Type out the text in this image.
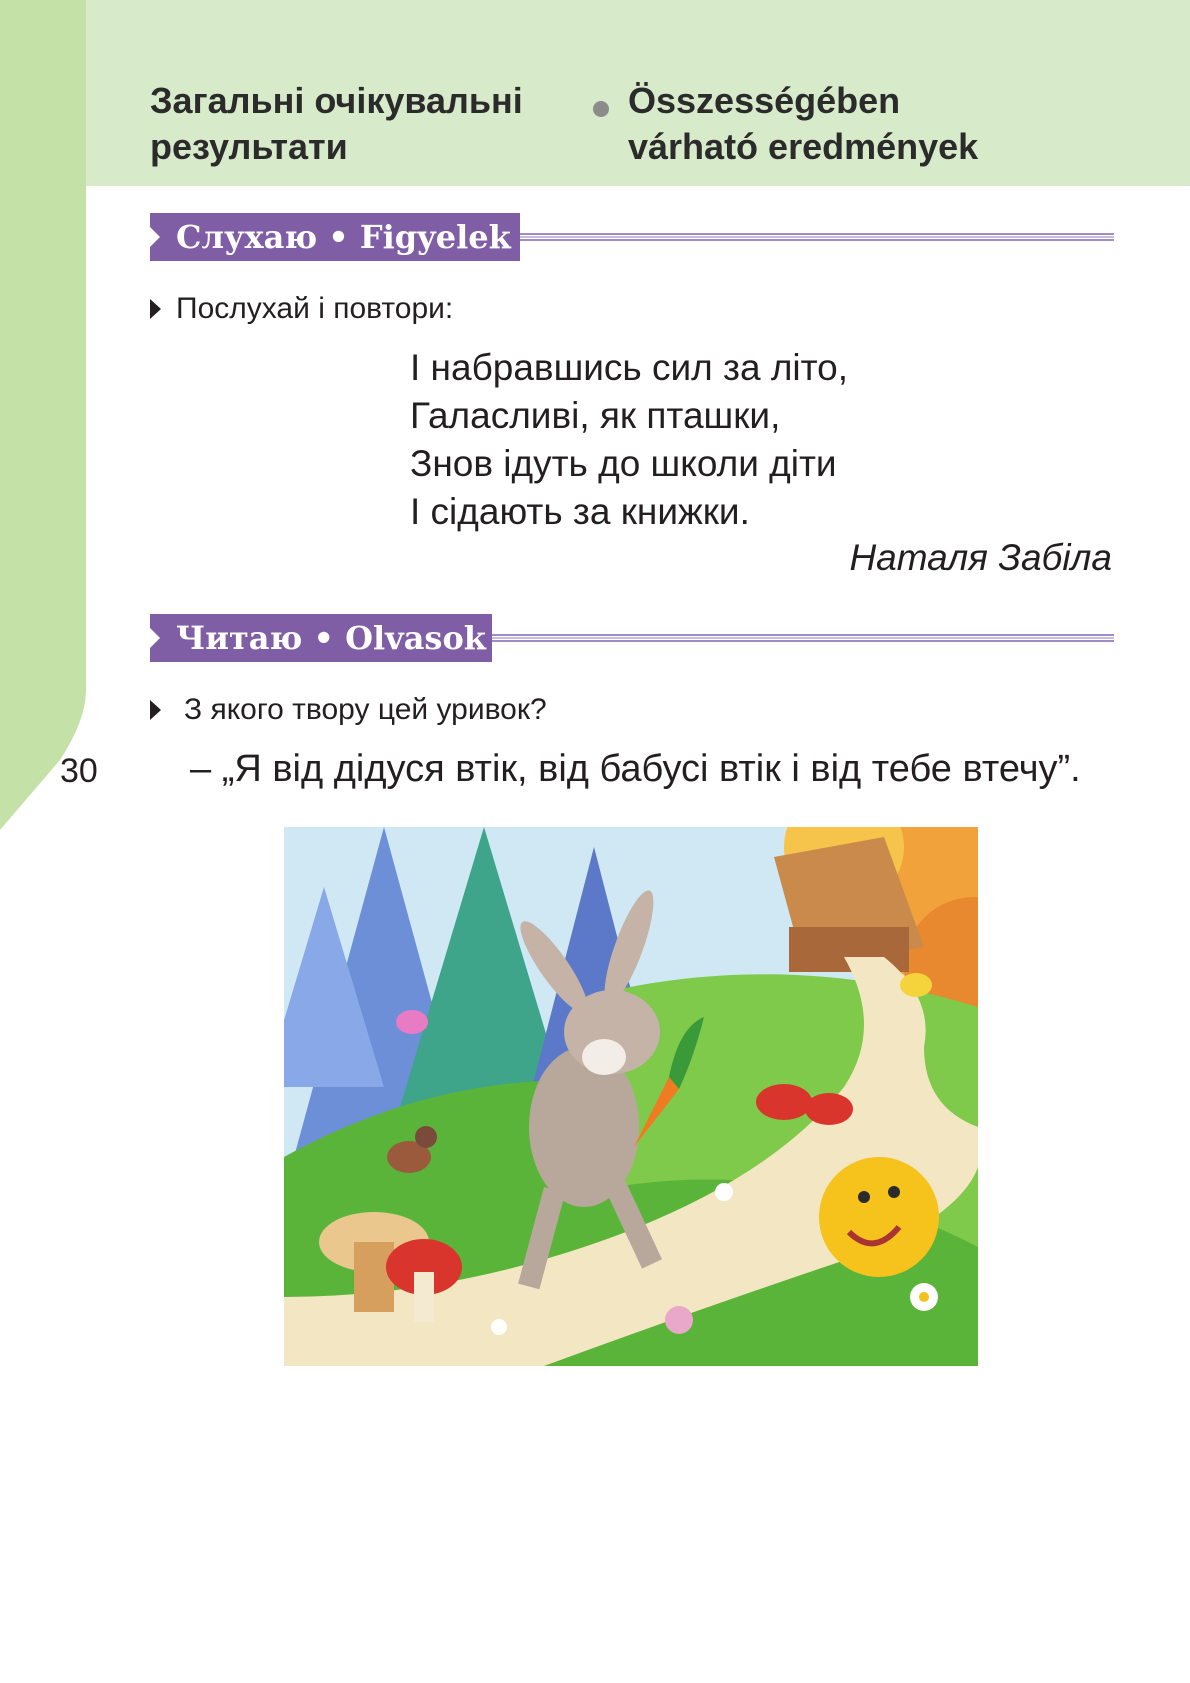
Загальні очікувальні
результати
Összességében
várható eredmények
Слухаю • Figyelek
Послухай і повтори:
І набравшись сил за літо,
Галасливі, як пташки,
Знов ідуть до школи діти
І сідають за книжки.
Наталя Забіла
Читаю • Olvasok
З якого твору цей уривок?
30 – „Я від дідуся втік, від бабусі втік і від тебе втечу”.
